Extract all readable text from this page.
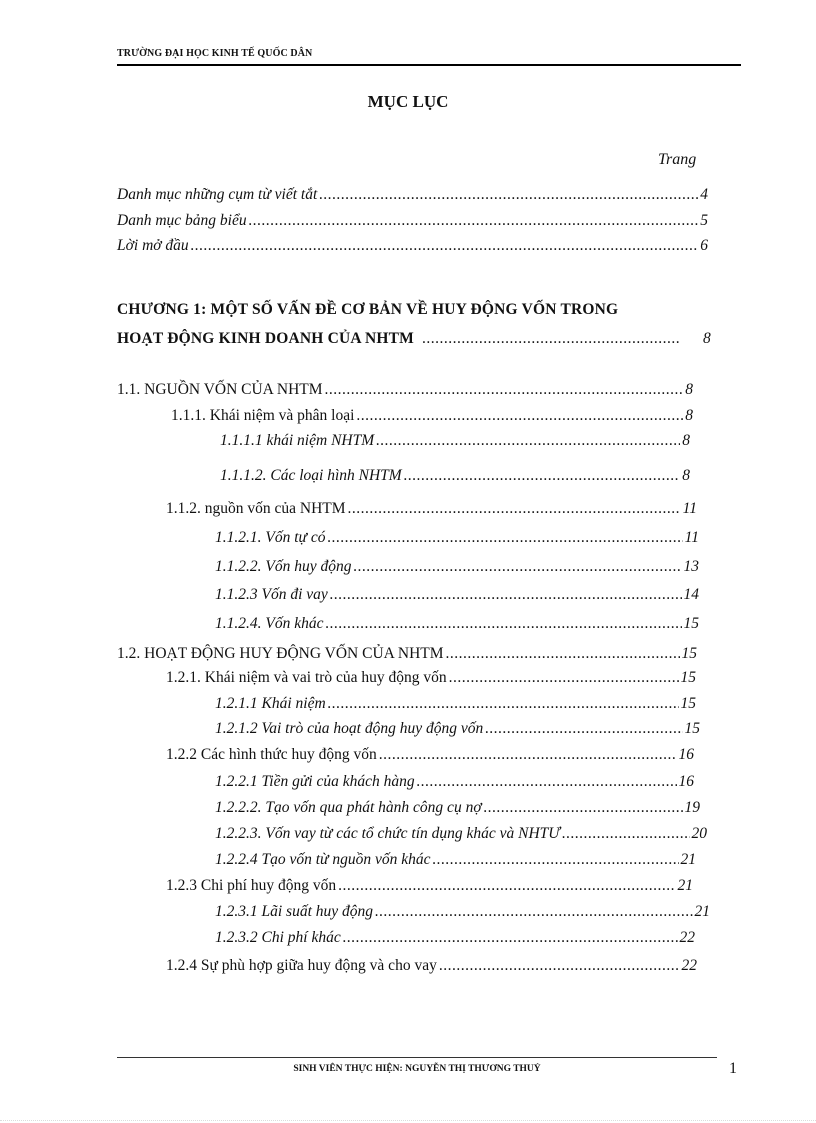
TRƯỜNG ĐẠI HỌC KINH TẾ QUỐC DÂN
MỤC LỤC
Trang
Danh mục những cụm từ viết tắt .....	4
Danh mục bảng biểu .....	5
Lời mở đầu .....	6
CHƯƠNG 1: MỘT SỐ VẤN ĐỀ CƠ BẢN VỀ HUY ĐỘNG VỐN TRONG
HOẠT ĐỘNG KINH DOANH CỦA NHTM .....	8
1.1. NGUỒN VỐN CỦA NHTM .....	8
1.1.1. Khái niệm và phân loại .....	8
1.1.1.1 khái niệm NHTM .....	8
1.1.1.2. Các loại hình NHTM .....	8
1.1.2. nguồn vốn của NHTM .....	11
1.1.2.1. Vốn tự có .....	11
1.1.2.2. Vốn huy động .....	13
1.1.2.3 Vốn đi vay .....	14
1.1.2.4. Vốn khác .....	15
1.2. HOẠT ĐỘNG HUY ĐỘNG VỐN CỦA NHTM .....	15
1.2.1. Khái niệm và vai trò của huy động vốn .....	15
1.2.1.1 Khái niệm .....	15
1.2.1.2 Vai trò của hoạt động huy động vốn .....	15
1.2.2 Các hình thức huy động vốn .....	16
1.2.2.1 Tiền gửi của khách hàng .....	16
1.2.2.2. Tạo vốn qua phát hành công cụ nợ .....	19
1.2.2.3. Vốn vay từ các tổ chức tín dụng khác và NHTƯ .....	20
1.2.2.4 Tạo vốn từ nguồn vốn khác .....	21
1.2.3 Chi phí huy động vốn .....	21
1.2.3.1 Lãi suất huy động .....	21
1.2.3.2 Chi phí khác .....	22
1.2.4 Sự phù hợp giữa huy động và cho vay .....	22
SINH VIÊN THỰC HIỆN: NGUYỄN THỊ THƯƠNG THUỶ	1
